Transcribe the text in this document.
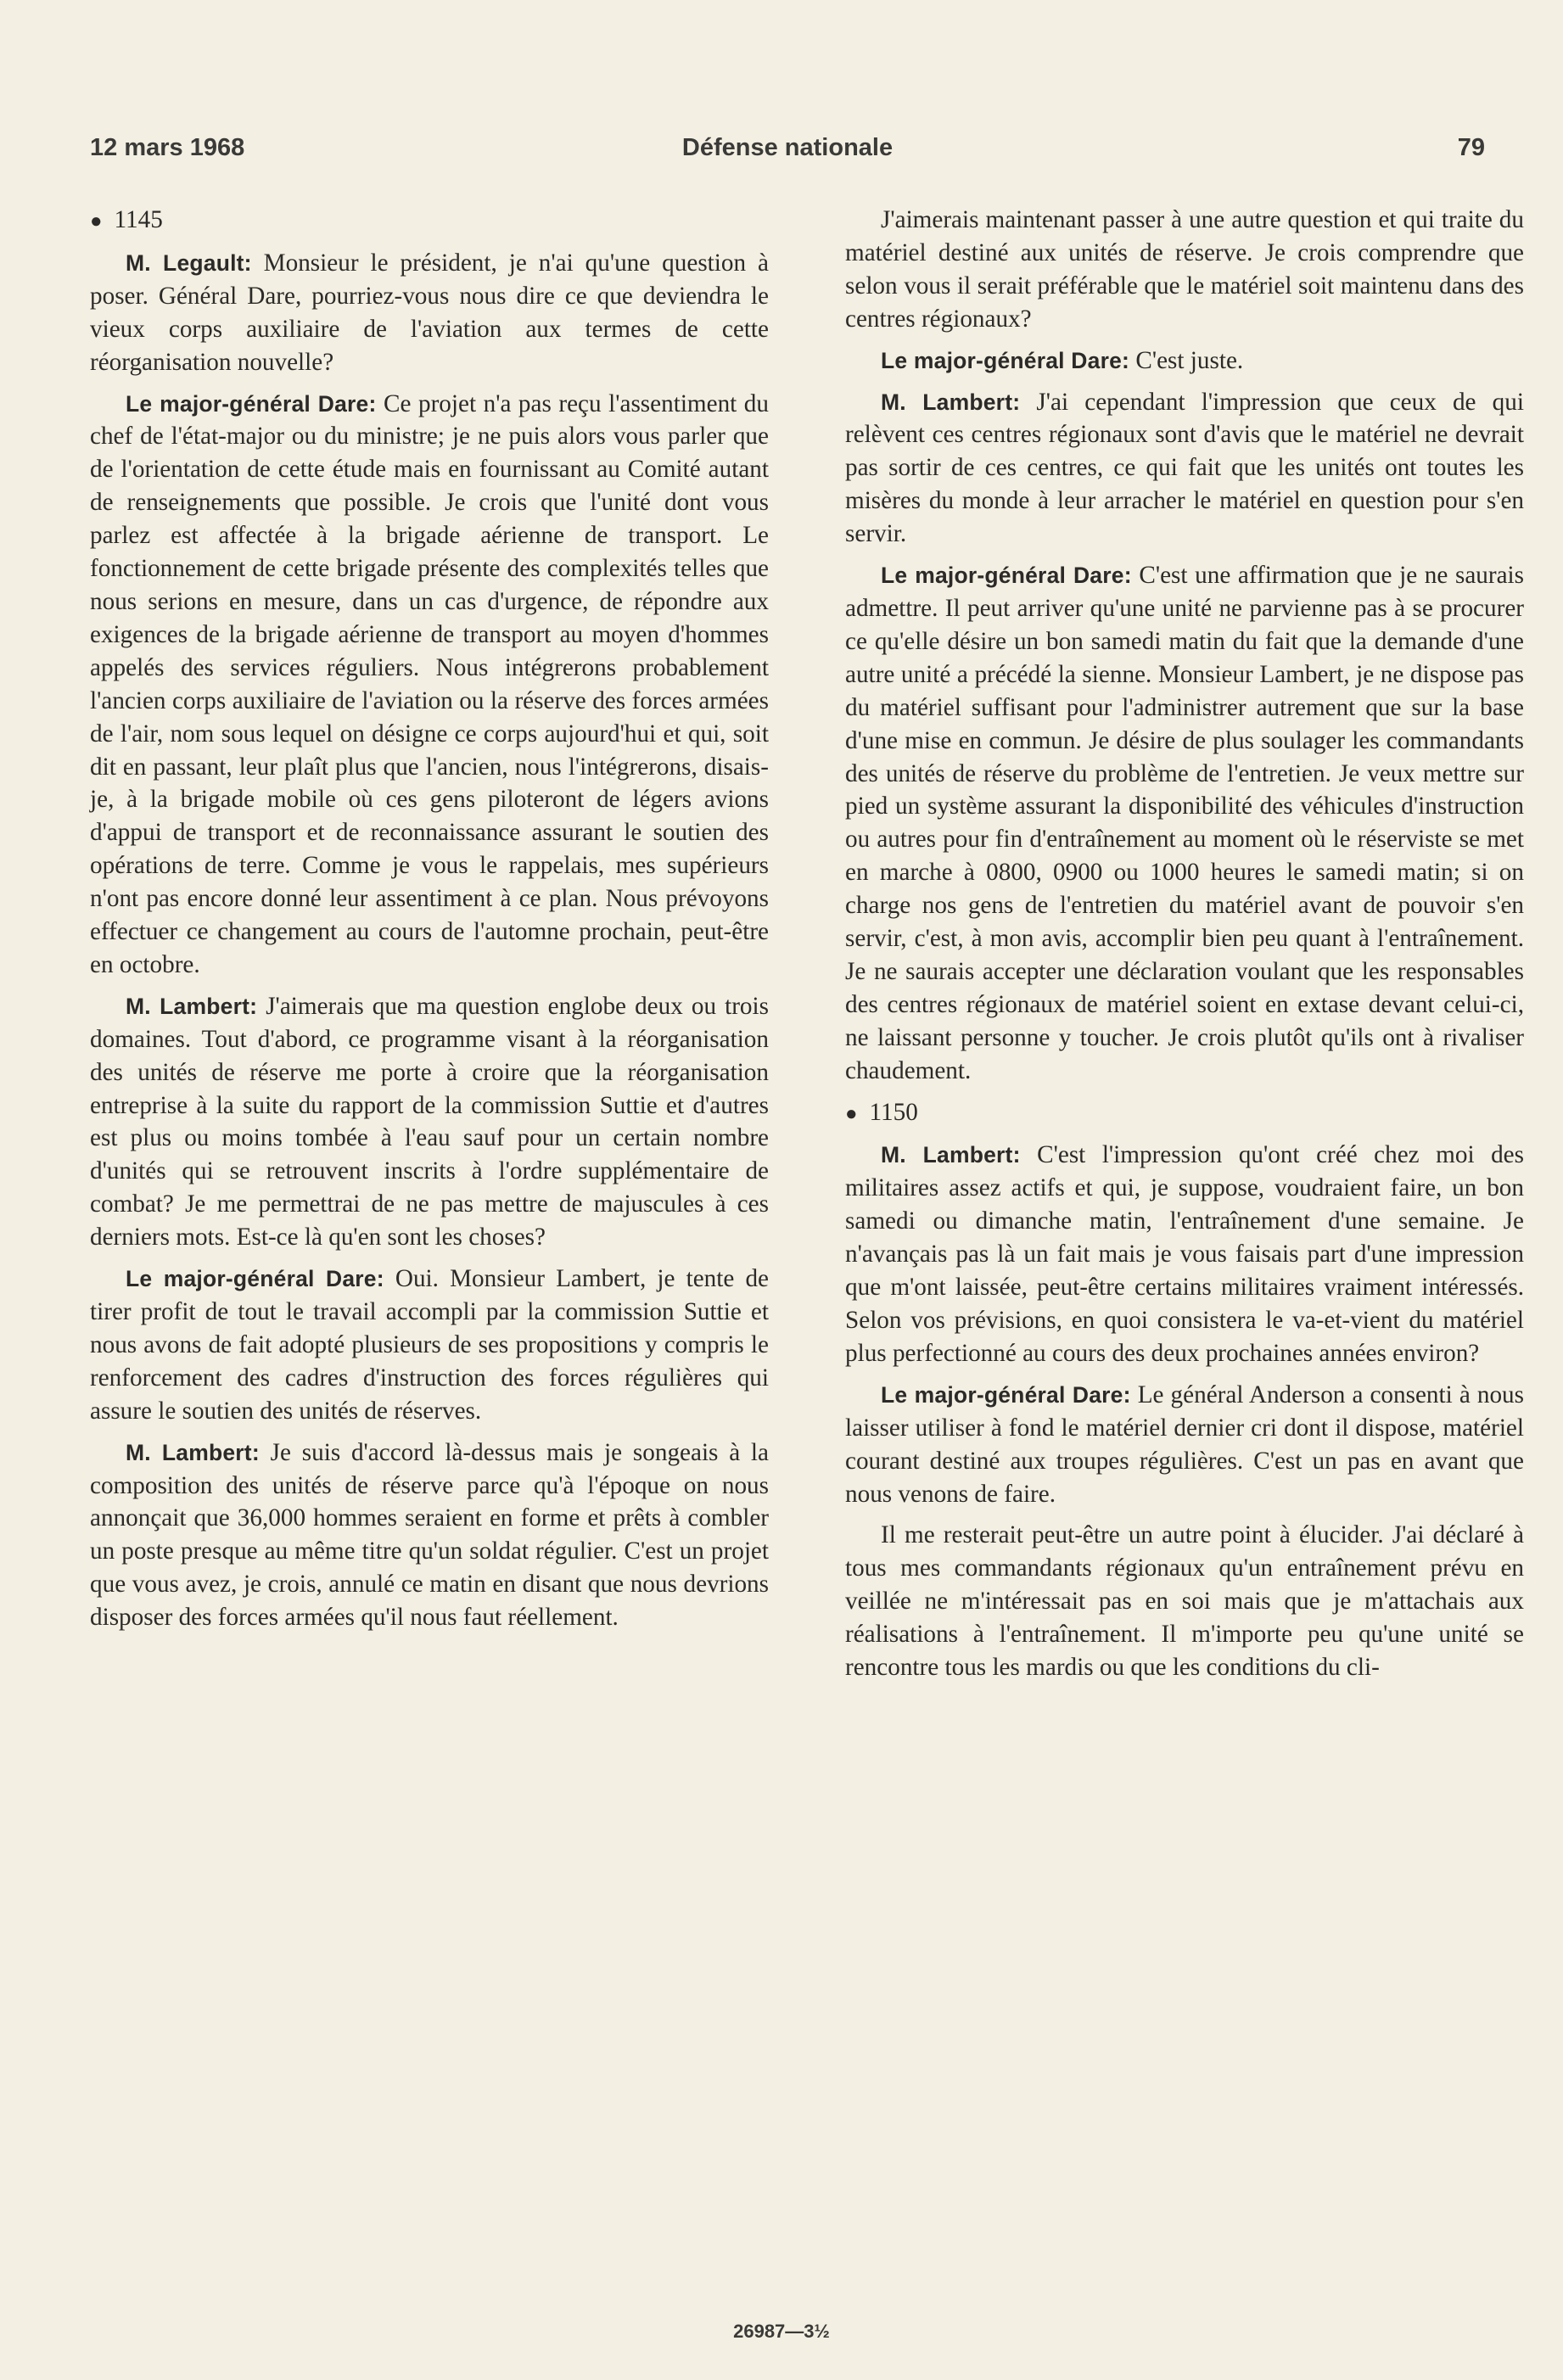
12 mars 1968	Défense nationale	79

● 1145

M. Legault: Monsieur le président, je n'ai qu'une question à poser. Général Dare, pourriez-vous nous dire ce que deviendra le vieux corps auxiliaire de l'aviation aux termes de cette réorganisation nouvelle?

Le major-général Dare: Ce projet n'a pas reçu l'assentiment du chef de l'état-major ou du ministre; je ne puis alors vous parler que de l'orientation de cette étude mais en fournissant au Comité autant de renseignements que possible. Je crois que l'unité dont vous parlez est affectée à la brigade aérienne de transport. Le fonctionnement de cette brigade présente des complexités telles que nous serions en mesure, dans un cas d'urgence, de répondre aux exigences de la brigade aérienne de transport au moyen d'hommes appelés des services réguliers. Nous intégrerons probablement l'ancien corps auxiliaire de l'aviation ou la réserve des forces armées de l'air, nom sous lequel on désigne ce corps aujourd'hui et qui, soit dit en passant, leur plaît plus que l'ancien, nous l'intégrerons, disais-je, à la brigade mobile où ces gens piloteront de légers avions d'appui de transport et de reconnaissance assurant le soutien des opérations de terre. Comme je vous le rappelais, mes supérieurs n'ont pas encore donné leur assentiment à ce plan. Nous prévoyons effectuer ce changement au cours de l'automne prochain, peut-être en octobre.

M. Lambert: J'aimerais que ma question englobe deux ou trois domaines. Tout d'abord, ce programme visant à la réorganisation des unités de réserve me porte à croire que la réorganisation entreprise à la suite du rapport de la commission Suttie et d'autres est plus ou moins tombée à l'eau sauf pour un certain nombre d'unités qui se retrouvent inscrits à l'ordre supplémentaire de combat? Je me permettrai de ne pas mettre de majuscules à ces derniers mots. Est-ce là qu'en sont les choses?

Le major-général Dare: Oui. Monsieur Lambert, je tente de tirer profit de tout le travail accompli par la commission Suttie et nous avons de fait adopté plusieurs de ses propositions y compris le renforcement des cadres d'instruction des forces régulières qui assure le soutien des unités de réserves.

M. Lambert: Je suis d'accord là-dessus mais je songeais à la composition des unités de réserve parce qu'à l'époque on nous annonçait que 36,000 hommes seraient en forme et prêts à combler un poste presque au même titre qu'un soldat régulier. C'est un projet que vous avez, je crois, annulé ce matin en disant que nous devrions disposer des forces armées qu'il nous faut réellement.

J'aimerais maintenant passer à une autre question et qui traite du matériel destiné aux unités de réserve. Je crois comprendre que selon vous il serait préférable que le matériel soit maintenu dans des centres régionaux?

Le major-général Dare: C'est juste.

M. Lambert: J'ai cependant l'impression que ceux de qui relèvent ces centres régionaux sont d'avis que le matériel ne devrait pas sortir de ces centres, ce qui fait que les unités ont toutes les misères du monde à leur arracher le matériel en question pour s'en servir.

Le major-général Dare: C'est une affirmation que je ne saurais admettre. Il peut arriver qu'une unité ne parvienne pas à se procurer ce qu'elle désire un bon samedi matin du fait que la demande d'une autre unité a précédé la sienne. Monsieur Lambert, je ne dispose pas du matériel suffisant pour l'administrer autrement que sur la base d'une mise en commun. Je désire de plus soulager les commandants des unités de réserve du problème de l'entretien. Je veux mettre sur pied un système assurant la disponibilité des véhicules d'instruction ou autres pour fin d'entraînement au moment où le réserviste se met en marche à 0800, 0900 ou 1000 heures le samedi matin; si on charge nos gens de l'entretien du matériel avant de pouvoir s'en servir, c'est, à mon avis, accomplir bien peu quant à l'entraînement. Je ne saurais accepter une déclaration voulant que les responsables des centres régionaux de matériel soient en extase devant celui-ci, ne laissant personne y toucher. Je crois plutôt qu'ils ont à rivaliser chaudement.

● 1150

M. Lambert: C'est l'impression qu'ont créé chez moi des militaires assez actifs et qui, je suppose, voudraient faire, un bon samedi ou dimanche matin, l'entraînement d'une semaine. Je n'avançais pas là un fait mais je vous faisais part d'une impression que m'ont laissée, peut-être certains militaires vraiment intéressés. Selon vos prévisions, en quoi consistera le va-et-vient du matériel plus perfectionné au cours des deux prochaines années environ?

Le major-général Dare: Le général Anderson a consenti à nous laisser utiliser à fond le matériel dernier cri dont il dispose, matériel courant destiné aux troupes régulières. C'est un pas en avant que nous venons de faire.

Il me resterait peut-être un autre point à élucider. J'ai déclaré à tous mes commandants régionaux qu'un entraînement prévu en veillée ne m'intéressait pas en soi mais que je m'attachais aux réalisations à l'entraînement. Il m'importe peu qu'une unité se rencontre tous les mardis ou que les conditions du cli-

26987—3½
